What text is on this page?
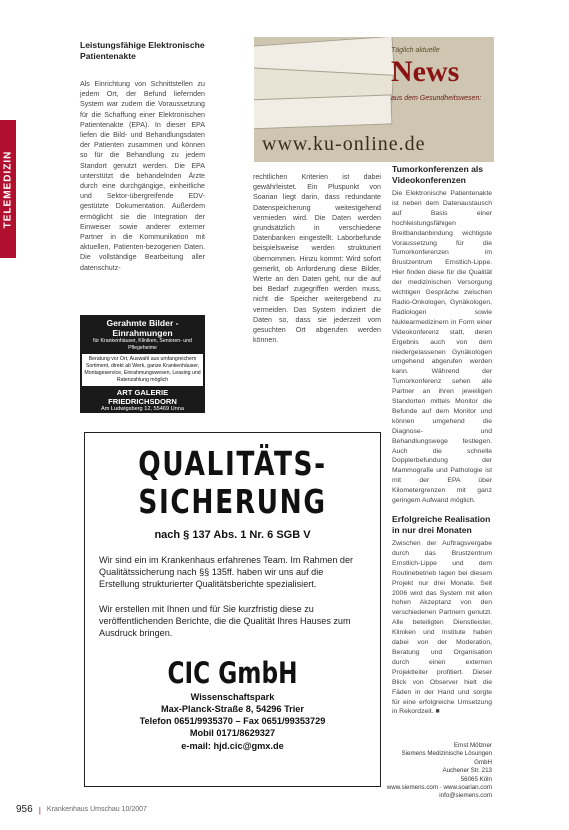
TELEMEDIZIN
Leistungsfähige Elektronische Patientenakte
Als Einrichtung von Schnittstellen zu jedem Ort, der Befund liefernden System war zudem die Voraussetzung für die Schaffung einer Elektronischen Patientenakte (EPA). In dieser EPA liefen die Bild- und Behandlungsdaten der Patienten zusammen und können so für die Behandlung zu jedem Standort genutzt werden. Die EPA unterstützt die behandelnden Ärzte durch eine durchgängige, einheitliche und Sektor-übergreifende EDV-gestützte Dokumentation. Außerdem ermöglicht sie die Integration der Einweiser sowie anderer externer Partner in die Kommunikation mit aktuellen, Patienten-bezogenen Daten. Die vollständige Bearbeitung aller datenschutz-
Täglich aktuelle
News
aus dem Gesundheitswesen:
www.ku-online.de
rechtlichen Kriterien ist dabei gewährleistet. Ein Pluspunkt von Soarian liegt darin, dass redundante Datenspeicherung weitestgehend vermieden wird. Die Daten werden grundsätzlich in verschiedene Datenbanken eingestellt. Laborbefunde beispielsweise werden strukturiert übernommen. Hinzu kommt: Wird sofort gemerkt, ob Anforderung diese Bilder, Werte an den Daten geht, nur die auf bei Bedarf zugegriffen werden muss, nicht die Speicher weitergebend zu vermeiden. Das System indiziert die Daten so, dass sie jederzeit vom gesuchten Ort abgerufen werden können.
Tumorkonferenzen als Videokonferenzen
Die Elektronische Patientenakte ist neben dem Datenaustausch auf Basis einer hochleistungsfähigen Breitbandanbindung wichtigste Voraussetzung für die Tumorkonferenzen im Brustzentrum Ernstlich-Lippe. Hier finden diese für die Qualität der medizinischen Versorgung wichtigen Gespräche zwischen Radio-Onkologen, Gynäkologen, Radiologen sowie Nuklearmedizinern in Form einer Videokonferenz statt, deren Ergebnis auch von dem niedergelassenen Gynäkologen umgehend abgerufen werden kann. Während der Tumorkonferenz sehen alle Partner an ihren jeweiligen Standorten mittels Monitor die Befunde auf dem Monitor und können umgehend die Diagnose- und Behandlungswege festlegen. Auch die schnelle Dopplerbefundung der Mammografie und Pathologie ist mit der EPA über Kilometergrenzen mit ganz geringem Aufwand möglich.
Erfolgreiche Realisation in nur drei Monaten
Zwischen der Auftragsvergabe durch das Brustzentrum Ernstlich-Lippe und dem Routinebetrieb lagen bei diesem Projekt nur drei Monate. Seit 2006 wird das System mit allen hohen Akzeptanz von den verschiedenen Partnern genutzt. Alle beteiligten Dienstleister, Kliniken und Institute haben dabei von der Moderation, Beratung und Organisation durch einen externen Projektleiter profitiert. Dieser Blick von Observer hielt die Fäden in der Hand und sorgte für eine erfolgreiche Umsetzung in Rekordzeit. ■
Gerahmte Bilder - Einrahmungen
für Krankenhäuser, Kliniken, Senioren- und Pflegeheime
Beratung vor Ort, Auswahl aus umfangreichem Sortiment, direkt ab Werk, ganze Krankenhäuser, Montageservice, Einrahmungswesen, Leasing und Ratenzahlung möglich
ART GALERIE FRIEDRICHSDORN
Am Ludwigsberg 12, 55469 Unna
Tel. 02303/9 01 02 · Fax 02303/9 01 71
QUALITÄTS-SICHERUNG
nach § 137 Abs. 1 Nr. 6 SGB V

Wir sind ein im Krankenhaus erfahrenes Team. Im Rahmen der Qualitätssicherung nach §§ 135ff. haben wir uns auf die Erstellung strukturierter Qualitätsberichte spezialisiert.

Wir erstellen mit Ihnen und für Sie kurzfristig diese zu veröffentlichenden Berichte, die die Qualität Ihres Hauses zum Ausdruck bringen.

CIC GmbH
Wissenschaftspark
Max-Planck-Straße 8, 54296 Trier
Telefon 0651/9935370 – Fax 0651/99353729
Mobil 0171/8629327
e-mail: hjd.cic@gmx.de	Ernst Mölzner
Siemens Medizinische Lösungen GmbH
Auchener Str. 213
56065 Köln
www.siemens.com · www.soarian.com
info@siemens.com
956 | Krankenhaus Umschau 10/2007
